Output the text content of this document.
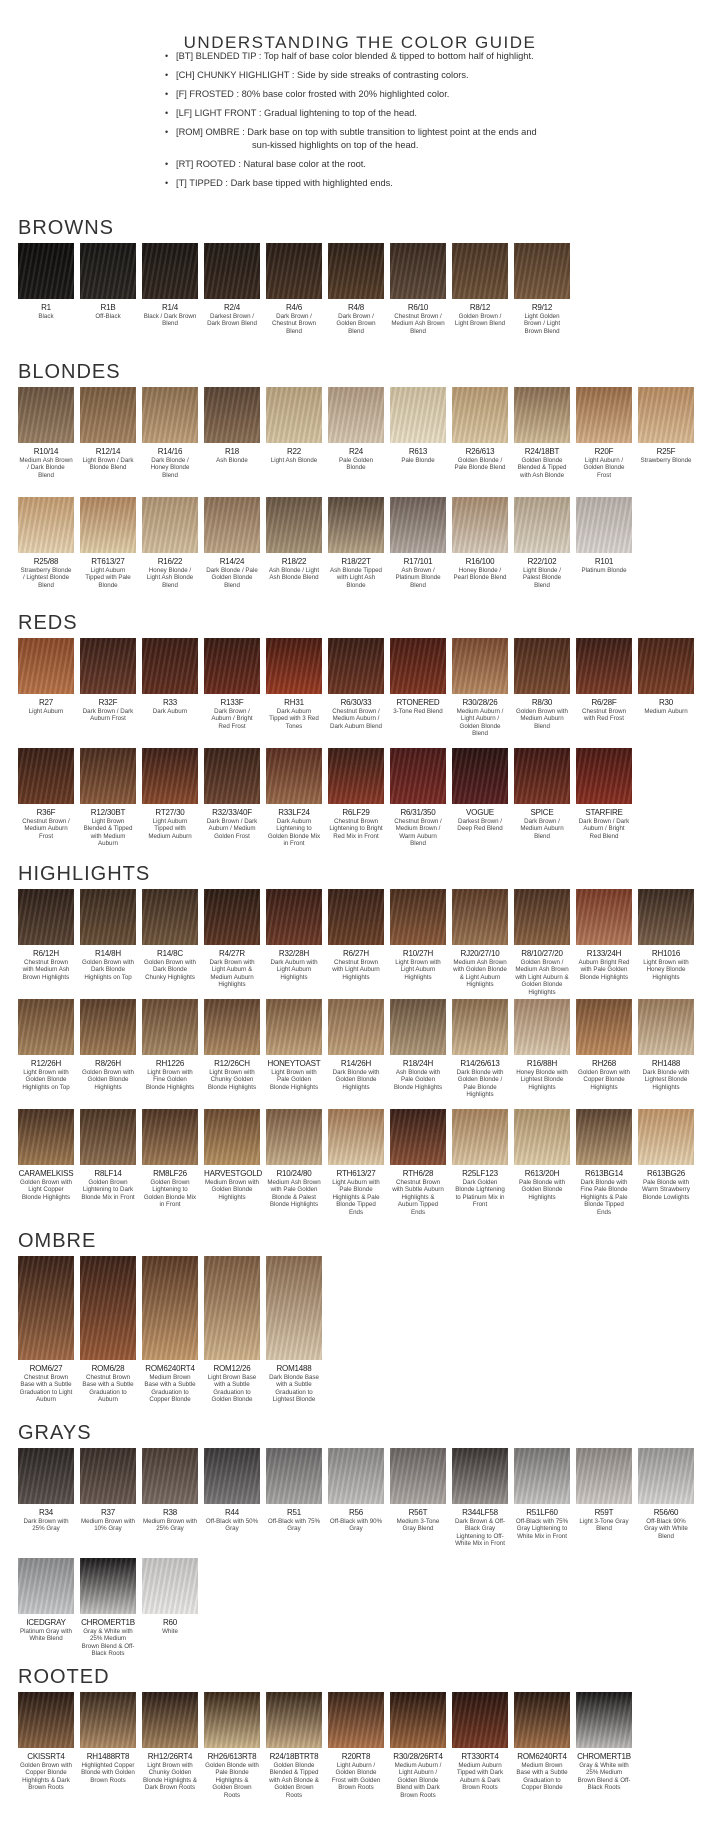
UNDERSTANDING THE COLOR GUIDE
• [BT] BLENDED TIP : Top half of base color blended & tipped to bottom half of highlight.
• [CH] CHUNKY HIGHLIGHT : Side by side streaks of contrasting colors.
• [F] FROSTED : 80% base color frosted with 20% highlighted color.
• [LF] LIGHT FRONT : Gradual lightening to top of the head.
• [ROM] OMBRE : Dark base on top with subtle transition to lightest point at the ends and
sun-kissed highlights on top of the head.
• [RT] ROOTED : Natural base color at the root.
• [T] TIPPED : Dark base tipped with highlighted ends.
BROWNS
R1
Black
R1B
Off-Black
R1/4
Black / Dark Brown Blend
R2/4
Darkest Brown / Dark Brown Blend
R4/6
Dark Brown / Chestnut Brown Blend
R4/8
Dark Brown / Golden Brown Blend
R6/10
Chestnut Brown / Medium Ash Brown Blend
R8/12
Golden Brown / Light Brown Blend
R9/12
Light Golden Brown / Light Brown Blend
BLONDES
R10/14
Medium Ash Brown / Dark Blonde Blend
R12/14
Light Brown / Dark Blonde Blend
R14/16
Dark Blonde / Honey Blonde Blend
R18
Ash Blonde
R22
Light Ash Blonde
R24
Pale Golden Blonde
R613
Pale Blonde
R26/613
Golden Blonde / Pale Blonde Blend
R24/18BT
Golden Blonde Blended & Tipped with Ash Blonde
R20F
Light Auburn / Golden Blonde Frost
R25F
Strawberry Blonde
R25/88
Strawberry Blonde / Lightest Blonde Blend
RT613/27
Light Auburn Tipped with Pale Blonde
R16/22
Honey Blonde / Light Ash Blonde Blend
R14/24
Dark Blonde / Pale Golden Blonde Blend
R18/22
Ash Blonde / Light Ash Blonde Blend
R18/22T
Ash Blonde Tipped with Light Ash Blonde
R17/101
Ash Brown / Platinum Blonde Blend
R16/100
Honey Blonde / Pearl Blonde Blend
R22/102
Light Blonde / Palest Blonde Blend
R101
Platinum Blonde
REDS
R27
Light Auburn
R32F
Dark Brown / Dark Auburn Frost
R33
Dark Auburn
R133F
Dark Brown / Auburn / Bright Red Frost
RH31
Dark Auburn Tipped with 3 Red Tones
R6/30/33
Chestnut Brown / Medium Auburn / Dark Auburn Blend
RTONERED
3-Tone Red Blend
R30/28/26
Medium Auburn / Light Auburn / Golden Blonde Blend
R8/30
Golden Brown with Medium Auburn Blend
R6/28F
Chestnut Brown with Red Frost
R30
Medium Auburn
R36F
Chestnut Brown / Medium Auburn Frost
R12/30BT
Light Brown Blended & Tipped with Medium Auburn
RT27/30
Light Auburn Tipped with Medium Auburn
R32/33/40F
Dark Brown / Dark Auburn / Medium Golden Frost
R33LF24
Dark Auburn Lightening to Golden Blonde Mix in Front
R6LF29
Chestnut Brown Lightening to Bright Red Mix in Front
R6/31/350
Chestnut Brown / Medium Brown / Warm Auburn Blend
VOGUE
Darkest Brown / Deep Red Blend
SPICE
Dark Brown / Medium Auburn Blend
STARFIRE
Dark Brown / Dark Auburn / Bright Red Blend
HIGHLIGHTS
R6/12H
Chestnut Brown with Medium Ash Brown Highlights
R14/8H
Golden Brown with Dark Blonde Highlights on Top
R14/8C
Golden Brown with Dark Blonde Chunky Highlights
R4/27R
Dark Brown with Light Auburn & Medium Auburn Highlights
R32/28H
Dark Auburn with Light Auburn Highlights
R6/27H
Chestnut Brown with Light Auburn Highlights
R10/27H
Light Brown with Light Auburn Highlights
RJ20/27/10
Medium Ash Brown with Golden Blonde & Light Auburn Highlights
R8/10/27/20
Golden Brown / Medium Ash Brown with Light Auburn & Golden Blonde Highlights
R133/24H
Auburn Bright Red with Pale Golden Blonde Highlights
RH1016
Light Brown with Honey Blonde Highlights
R12/26H
Light Brown with Golden Blonde Highlights on Top
R8/26H
Golden Brown with Golden Blonde Highlights
RH1226
Light Brown with Fine Golden Blonde Highlights
R12/26CH
Light Brown with Chunky Golden Blonde Highlights
HONEYTOAST
Light Brown with Pale Golden Blonde Highlights
R14/26H
Dark Blonde with Golden Blonde Highlights
R18/24H
Ash Blonde with Pale Golden Blonde Highlights
R14/26/613
Dark Blonde with Golden Blonde / Pale Blonde Highlights
R16/88H
Honey Blonde with Lightest Blonde Highlights
RH268
Golden Brown with Copper Blonde Highlights
RH1488
Dark Blonde with Lightest Blonde Highlights
CARAMELKISS
Golden Brown with Light Copper Blonde Highlights
R8LF14
Golden Brown Lightening to Dark Blonde Mix in Front
RM8LF26
Golden Brown Lightening to Golden Blonde Mix in Front
HARVESTGOLD
Medium Brown with Golden Blonde Highlights
R10/24/80
Medium Ash Brown with Pale Golden Blonde & Palest Blonde Highlights
RTH613/27
Light Auburn with Pale Blonde Highlights & Pale Blonde Tipped Ends
RTH6/28
Chestnut Brown with Subtle Auburn Highlights & Auburn Tipped Ends
R25LF123
Dark Golden Blonde Lightening to Platinum Mix in Front
R613/20H
Pale Blonde with Golden Blonde Highlights
R613BG14
Dark Blonde with Fine Pale Blonde Highlights & Pale Blonde Tipped Ends
R613BG26
Pale Blonde with Warm Strawberry Blonde Lowlights
OMBRE
ROM6/27
Chestnut Brown Base with a Subtle Graduation to Light Auburn
ROM6/28
Chestnut Brown Base with a Subtle Graduation to Auburn
ROM6240RT4
Medium Brown Base with a Subtle Graduation to Copper Blonde
ROM12/26
Light Brown Base with a Subtle Graduation to Golden Blonde
ROM1488
Dark Blonde Base with a Subtle Graduation to Lightest Blonde
GRAYS
R34
Dark Brown with 25% Gray
R37
Medium Brown with 10% Gray
R38
Medium Brown with 25% Gray
R44
Off-Black with 50% Gray
R51
Off-Black with 75% Gray
R56
Off-Black with 90% Gray
R56T
Medium 3-Tone Gray Blend
R344LF58
Dark Brown & Off-Black Gray Lightening to Off-White Mix in Front
R51LF60
Off-Black with 75% Gray Lightening to White Mix in Front
R59T
Light 3-Tone Gray Blend
R56/60
Off-Black 90% Gray with White Blend
ICEDGRAY
Platinum Gray with White Blend
CHROMERT1B
Gray & White with 25% Medium Brown Blend & Off-Black Roots
R60
White
ROOTED
CKISSRT4
Golden Brown with Copper Blonde Highlights & Dark Brown Roots
RH1488RT8
Highlighted Copper Blonde with Golden Brown Roots
RH12/26RT4
Light Brown with Chunky Golden Blonde Highlights & Dark Brown Roots
RH26/613RT8
Golden Blonde with Pale Blonde Highlights & Golden Brown Roots
R24/18BTRT8
Golden Blonde Blended & Tipped with Ash Blonde & Golden Brown Roots
R20RT8
Light Auburn / Golden Blonde Frost with Golden Brown Roots
R30/28/26RT4
Medium Auburn / Light Auburn / Golden Blonde Blend with Dark Brown Roots
RT330RT4
Medium Auburn Tipped with Dark Auburn & Dark Brown Roots
ROM6240RT4
Medium Brown Base with a Subtle Graduation to Copper Blonde
CHROMERT1B
Gray & White with 25% Medium Brown Blend & Off-Black Roots
